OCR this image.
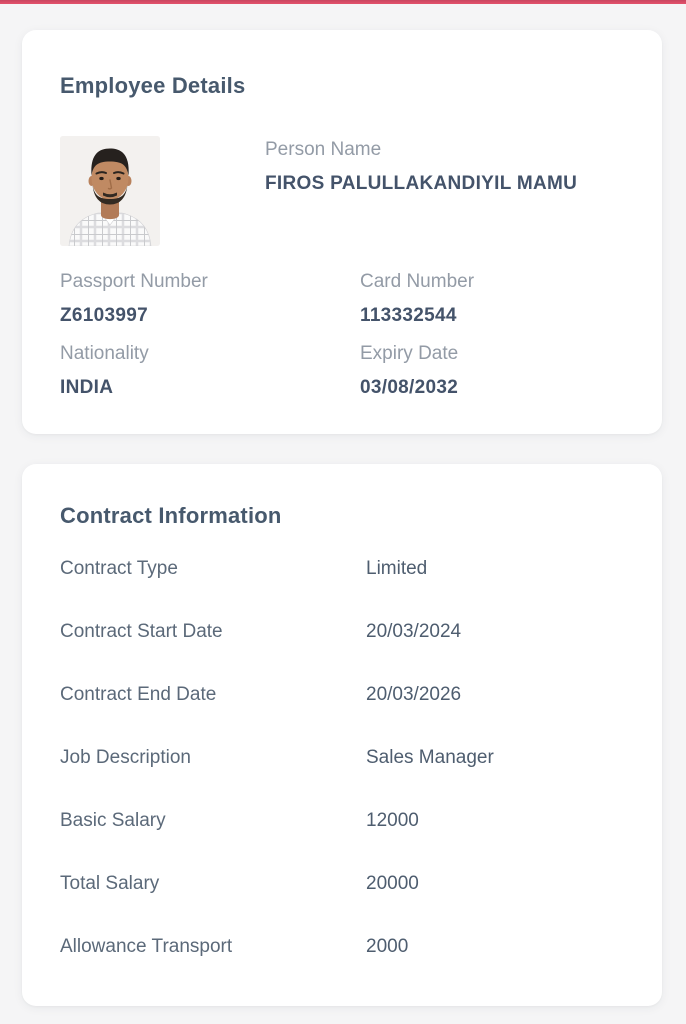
Employee Details
Person Name
FIROS PALULLAKANDIYIL MAMU
Passport Number
Z6103997
Card Number
113332544
Nationality
INDIA
Expiry Date
03/08/2032
Contract Information
Contract Type	Limited
Contract Start Date	20/03/2024
Contract End Date	20/03/2026
Job Description	Sales Manager
Basic Salary	12000
Total Salary	20000
Allowance Transport	2000
